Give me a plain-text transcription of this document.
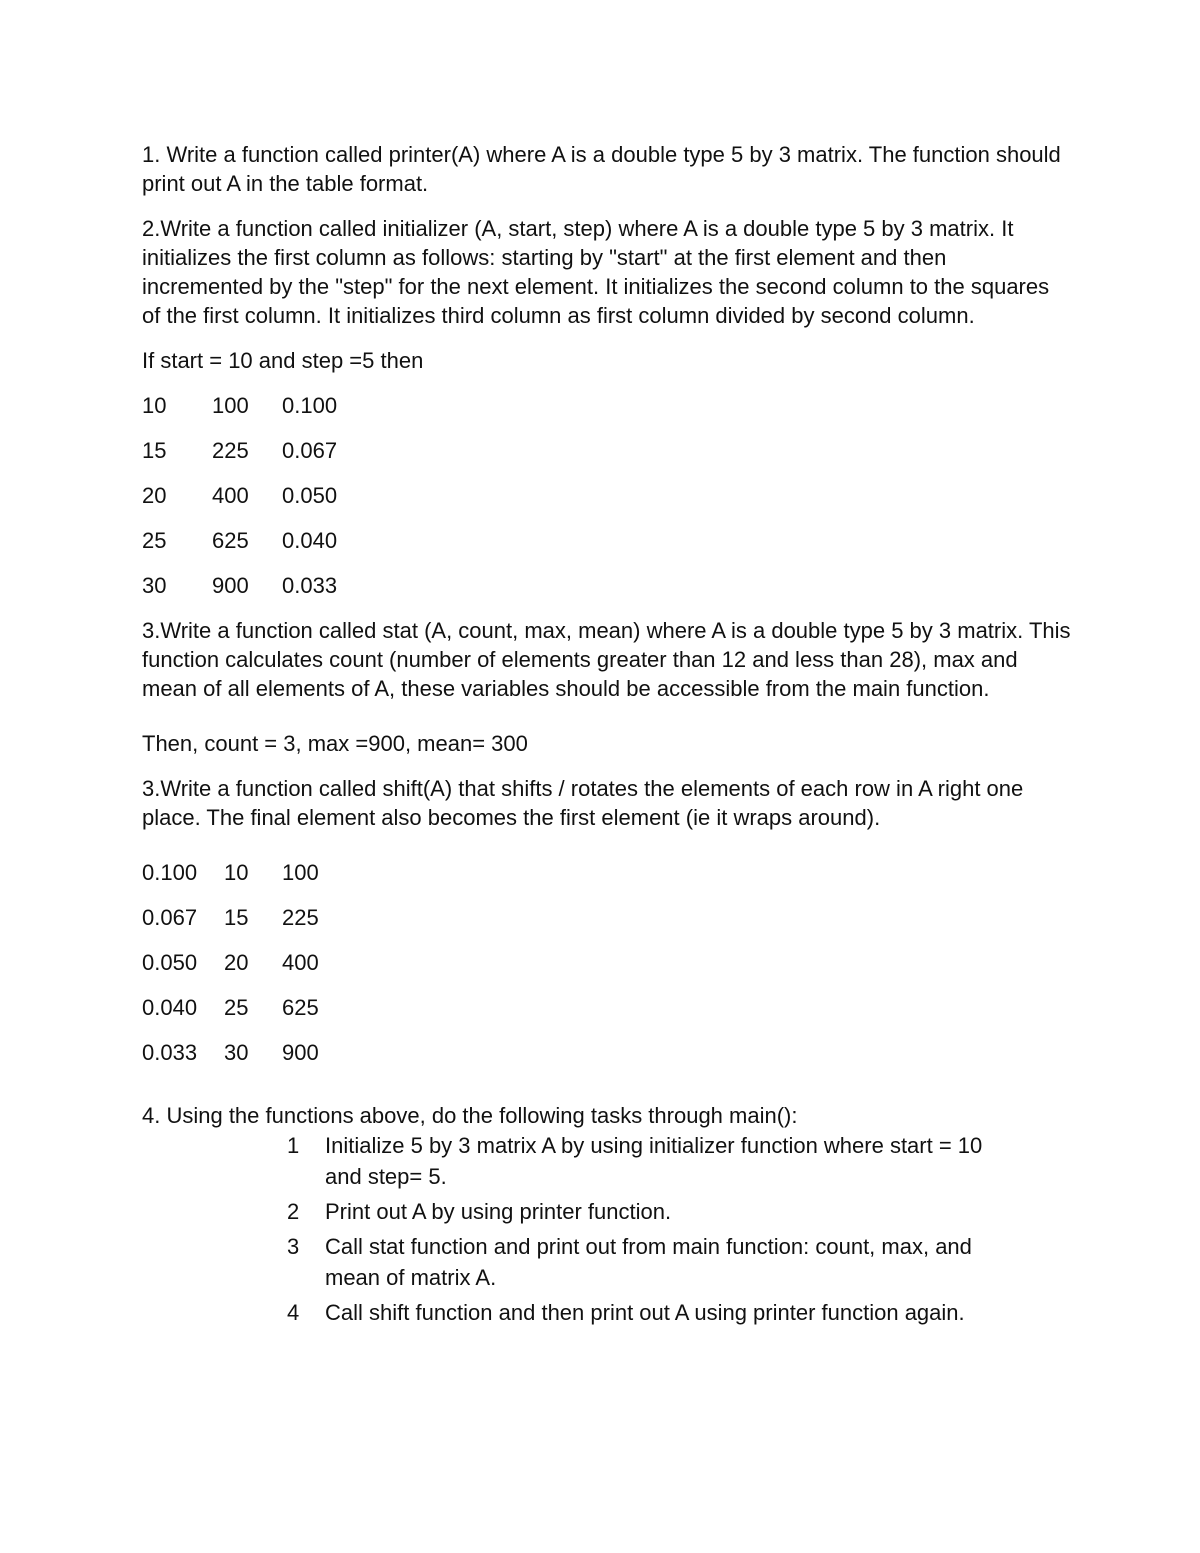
1. Write a function called printer(A) where A is a double type 5 by 3 matrix. The function should print out A in the table format.

2.Write a function called initializer (A, start, step) where A is a double type 5 by 3 matrix. It initializes the first column as follows: starting by "start" at the first element and then incremented by the "step" for the next element. It initializes the second column to the squares of the first column. It initializes third column as first column divided by second column.

If start = 10 and step =5 then

10	100	0.100
15	225	0.067
20	400	0.050
25	625	0.040
30	900	0.033

3.Write a function called stat (A, count, max, mean) where A is a double type 5 by 3 matrix. This function calculates count (number of elements greater than 12 and less than 28), max and mean of all elements of A, these variables should be accessible from the main function.

Then, count = 3, max =900, mean= 300

3.Write a function called shift(A) that shifts / rotates the elements of each row in A right one place. The final element also becomes the first element (ie it wraps around).

0.100	10	100
0.067	15	225
0.050	20	400
0.040	25	625
0.033	30	900

4. Using the functions above, do the following tasks through main():

1	Initialize 5 by 3 matrix A by using initializer function where start = 10 and step= 5.
2	Print out A by using printer function.
3	Call stat function and print out from main function: count, max, and mean of matrix A.
4	Call shift function and then print out A using printer function again.
